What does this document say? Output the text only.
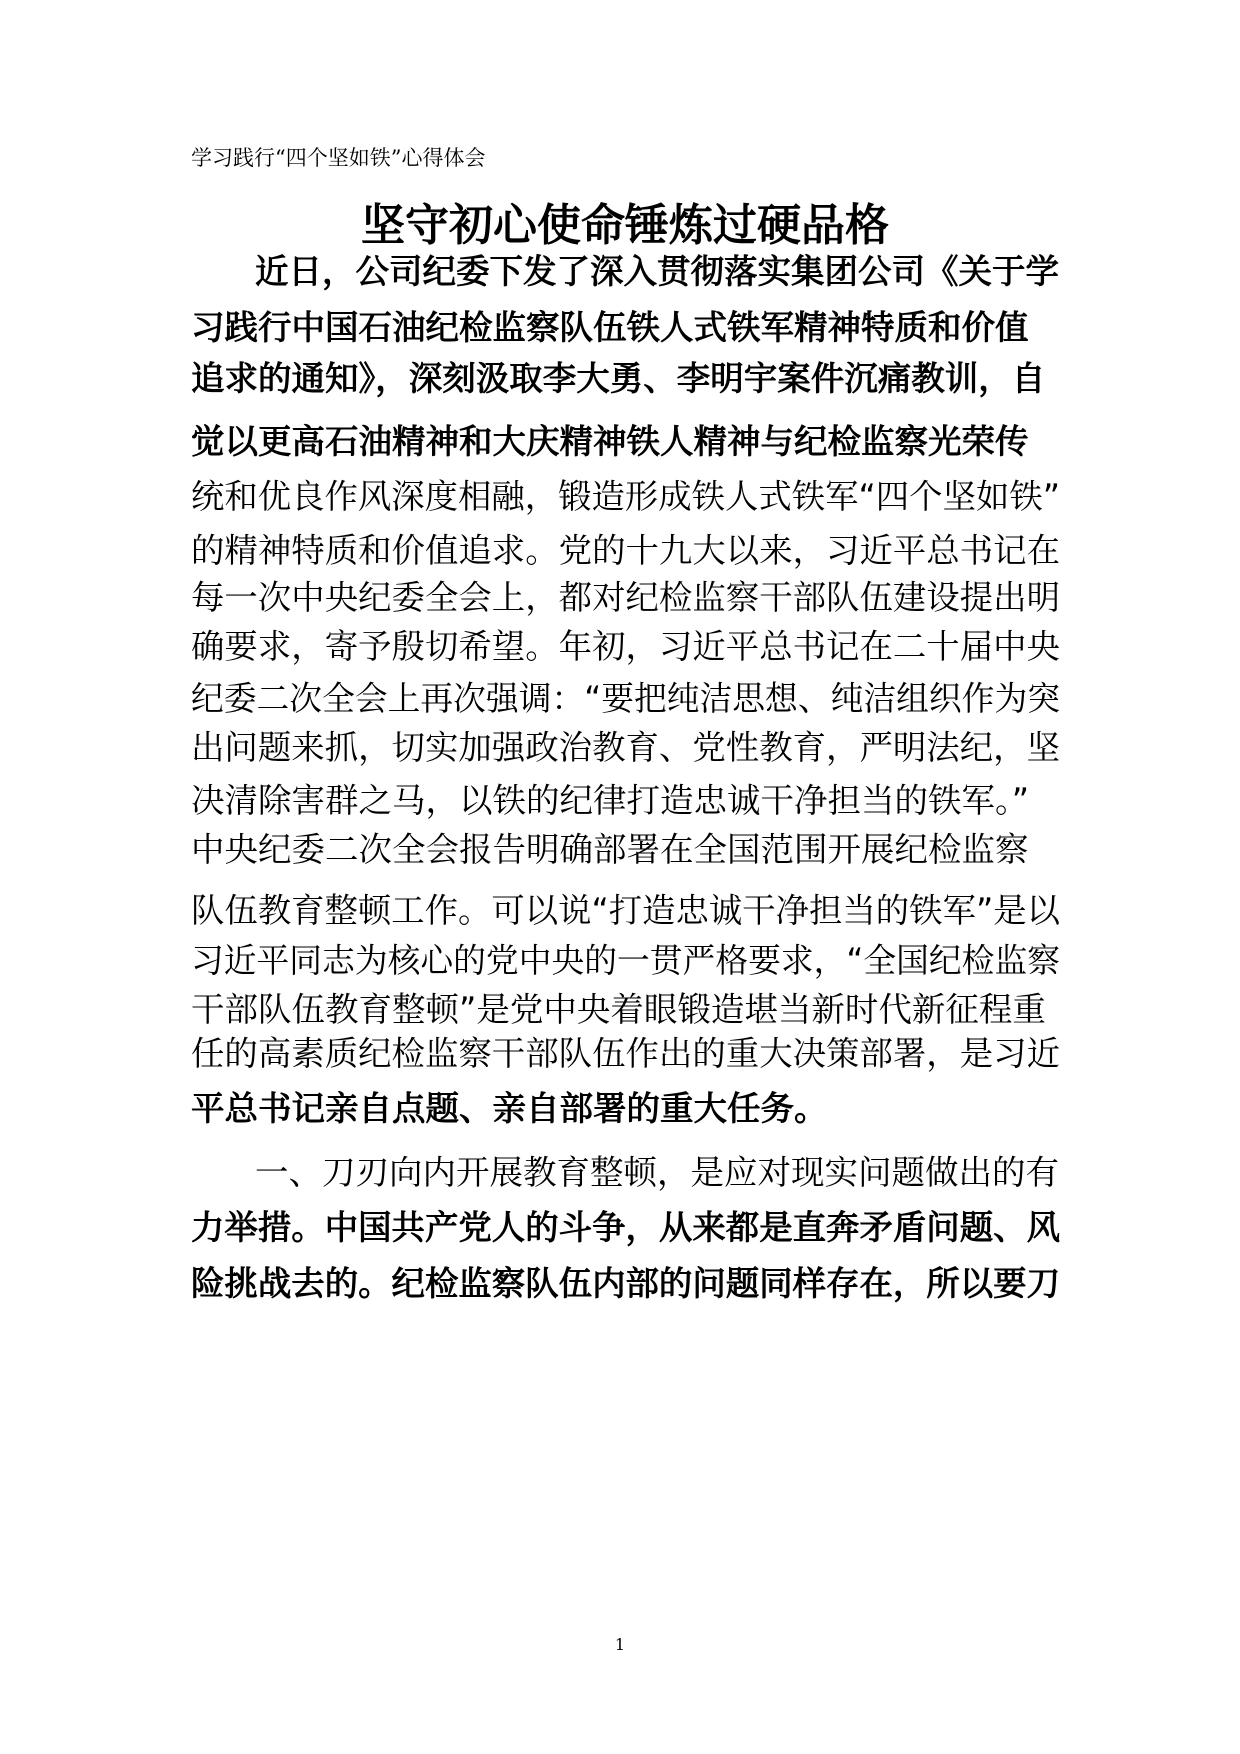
学习践行“四个坚如铁”心得体会
坚守初心使命锤炼过硬品格
近日，公司纪委下发了深入贯彻落实集团公司《关于学
习践行中国石油纪检监察队伍铁人式铁军精神特质和价值
追求的通知》，深刻汲取李大勇、李明宇案件沉痛教训，自
觉以更高石油精神和大庆精神铁人精神与纪检监察光荣传
统和优良作风深度相融，锻造形成铁人式铁军“四个坚如铁”
的精神特质和价值追求。党的十九大以来，习近平总书记在
每一次中央纪委全会上，都对纪检监察干部队伍建设提出明
确要求，寄予殷切希望。年初，习近平总书记在二十届中央
纪委二次全会上再次强调：“要把纯洁思想、纯洁组织作为突
出问题来抓，切实加强政治教育、党性教育，严明法纪，坚
决清除害群之马，以铁的纪律打造忠诚干净担当的铁军。”
中央纪委二次全会报告明确部署在全国范围开展纪检监察
队伍教育整顿工作。可以说“打造忠诚干净担当的铁军”是以
习近平同志为核心的党中央的一贯严格要求，“全国纪检监察
干部队伍教育整顿”是党中央着眼锻造堪当新时代新征程重
任的高素质纪检监察干部队伍作出的重大决策部署，是习近
平总书记亲自点题、亲自部署的重大任务。
一、刀刃向内开展教育整顿，是应对现实问题做出的有
力举措。中国共产党人的斗争，从来都是直奔矛盾问题、风
险挑战去的。纪检监察队伍内部的问题同样存在，所以要刀
1
